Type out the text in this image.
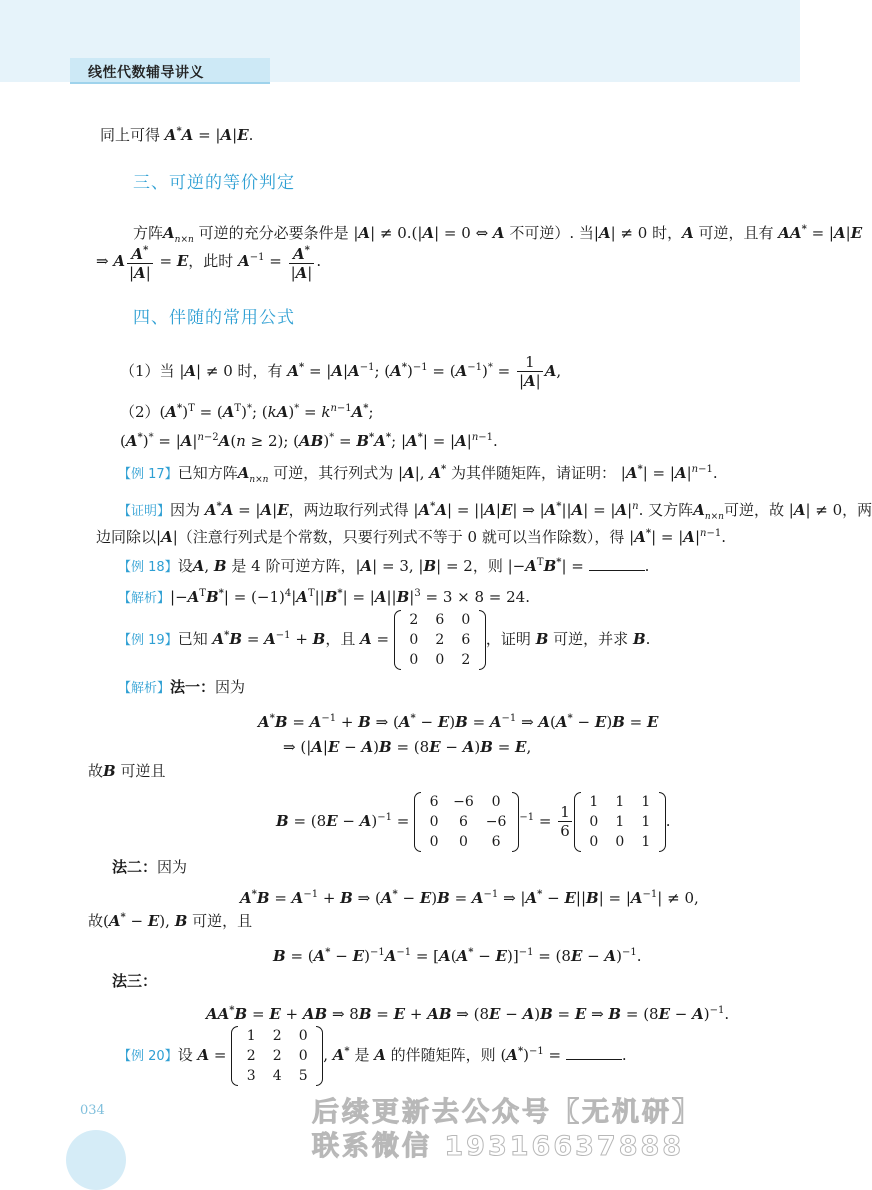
线性代数辅导讲义
同上可得 A*A = |A|E.
三、可逆的等价判定
方阵$A_{n\times n}$ 可逆的充分必要条件是 |A| ≠ 0.(|A| = 0 ⇔ A 不可逆）. 当|A| ≠ 0 时，A 可逆，且有 AA* = |A|E
⇒ A $\frac{A^*}{|A|} = E$，此时 $A^{-1} = \frac{A^*}{|A|}$ .
四、伴随的常用公式
（1）当 |A| ≠ 0 时，有 $A^* = |A|A^{-1}$; $(A^*)^{-1} = (A^{-1})^* = \frac{1}{|A|} A$,
$(2)(A^*)^T = (A^T)^*$; $(kA)^* = k^{n-1}A^*$;
$(A^*)^* = |A|^{n-2}A(n \ge 2)$; (AB)* = B*A*; $|A^*| = |A|^{n-1}$.
【例 17】已知方阵$A_{n\times n}$ 可逆，其行列式为 |A|, A* 为其伴随矩阵，请证明： $|A^*| = |A|^{n-1}$.
【证明】因为 A*A = |A|E，两边取行列式得 |A*A| = ||A|E| ⇒ $|A^*||A| = |A|^n$. 又方阵$A_{n\times n}$可逆，故 |A| ≠ 0，两
边同除以|A|（注意行列式是个常数，只要行列式不等于 0 就可以当作除数），得 $|A^*| = |A|^{n-1}$.
【例 18】设A, B 是 4 阶可逆方阵，|A| = 3, |B| = 2，则 $|-A^TB^*|$ =	.
【解析】$|-A^TB^*| = (-1)^4|A^T||B^*| = |A||B|^3 = 3 \times 8 = 24$.
【例 19】已知 $A^*B = A^{-1} + B$，且 A =
2	6	0
0	2	6
0	0	2
，证明 B 可逆，并求 B.
【解析】法一：因为
$A^*B = A^{-1} + B$ ⇒ $(A^* - E)B = A^{-1}$ ⇒ A(A* − E)B = E
⇒ (|A|E − A)B = (8E − A)B = E,
故B 可逆且
$B = (8E - A)^{-1}$ =
6	−6	0
0	6	−6
0	0	6
$^{-1} = \frac{1}{6}$
1	1	1
0	1	1
0	0	1
.
法二：因为
$A^*B = A^{-1} + B$ ⇒ $(A^* - E)B = A^{-1}$ ⇒ $|A^* - E||B| = |A^{-1}| \ne 0$,
故(A* − E), B 可逆，且
$B = (A^* - E)^{-1}A^{-1} = [A(A^* - E)]^{-1} = (8E - A)^{-1}$.
法三：
AA*B = E + AB ⇒ 8B = E + AB ⇒ (8E − A)B = E ⇒ $B = (8E - A)^{-1}$.
【例 20】设 A =
1	2	0
2	2	0
3	4	5
, A* 是 A 的伴随矩阵，则 $(A^*)^{-1}$ =	.
034	后续更新去公众号【无机研】
联系微信 19316637888
